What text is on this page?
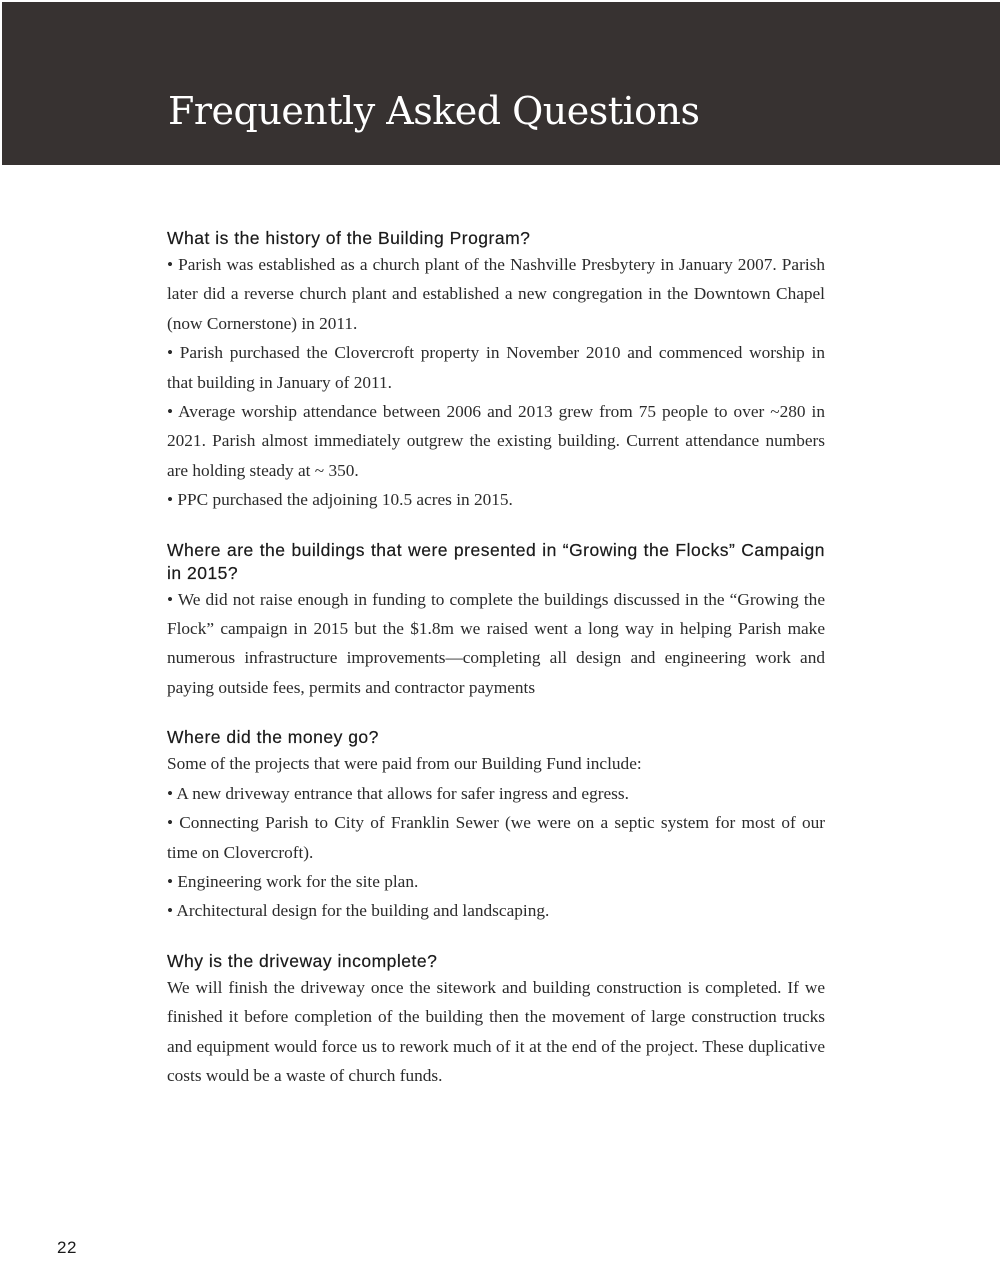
Frequently Asked Questions
What is the history of the Building Program?

• Parish was established as a church plant of the Nashville Presbytery in January 2007. Parish later did a reverse church plant and established a new congregation in the Downtown Chapel (now Cornerstone) in 2011.

• Parish purchased the Clovercroft property in November 2010 and commenced worship in that building in January of 2011.

• Average worship attendance between 2006 and 2013 grew from 75 people to over ~280 in 2021. Parish almost immediately outgrew the existing building. Current attendance numbers are holding steady at ~ 350.

• PPC purchased the adjoining 10.5 acres in 2015.

Where are the buildings that were presented in “Growing the Flocks” Campaign in 2015?

• We did not raise enough in funding to complete the buildings discussed in the “Growing the Flock” campaign in 2015 but the $1.8m we raised went a long way in helping Parish make numerous infrastructure improvements—completing all design and engineering work and paying outside fees, permits and contractor payments

Where did the money go?

Some of the projects that were paid from our Building Fund include:

• A new driveway entrance that allows for safer ingress and egress.

• Connecting Parish to City of Franklin Sewer (we were on a septic system for most of our time on Clovercroft).

• Engineering work for the site plan.

• Architectural design for the building and landscaping.

Why is the driveway incomplete?

We will finish the driveway once the sitework and building construction is completed. If we finished it before completion of the building then the movement of large construction trucks and equipment would force us to rework much of it at the end of the project. These duplicative costs would be a waste of church funds.

22
